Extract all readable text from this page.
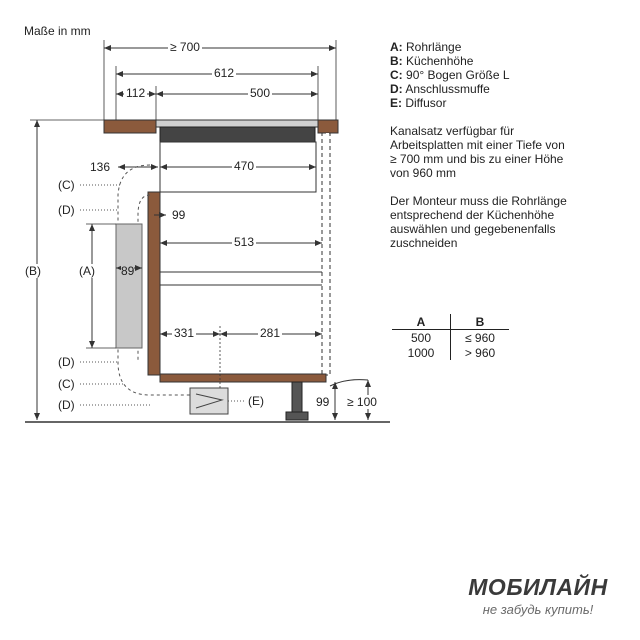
Maße in mm
≥ 700
612
112	500
136	470
99
513
89
331	281
99 ≥ 100
(C)
(D)
(A)
(B)
(D)
(C)
(D)	(E)
A: Rohrlänge
B: Küchenhöhe
C: 90° Bogen Größe L
D: Anschlussmuffe
E: Diffusor
Kanalsatz verfügbar für
Arbeitsplatten mit einer Tiefe von
≥ 700 mm und bis zu einer Höhe
von 960 mm
Der Monteur muss die Rohrlänge
entsprechend der Küchenhöhe
auswählen und gegebenenfalls
zuschneiden
A	B
500	≤ 960
1000	> 960
МОБИЛАЙН
не забудь купить!
